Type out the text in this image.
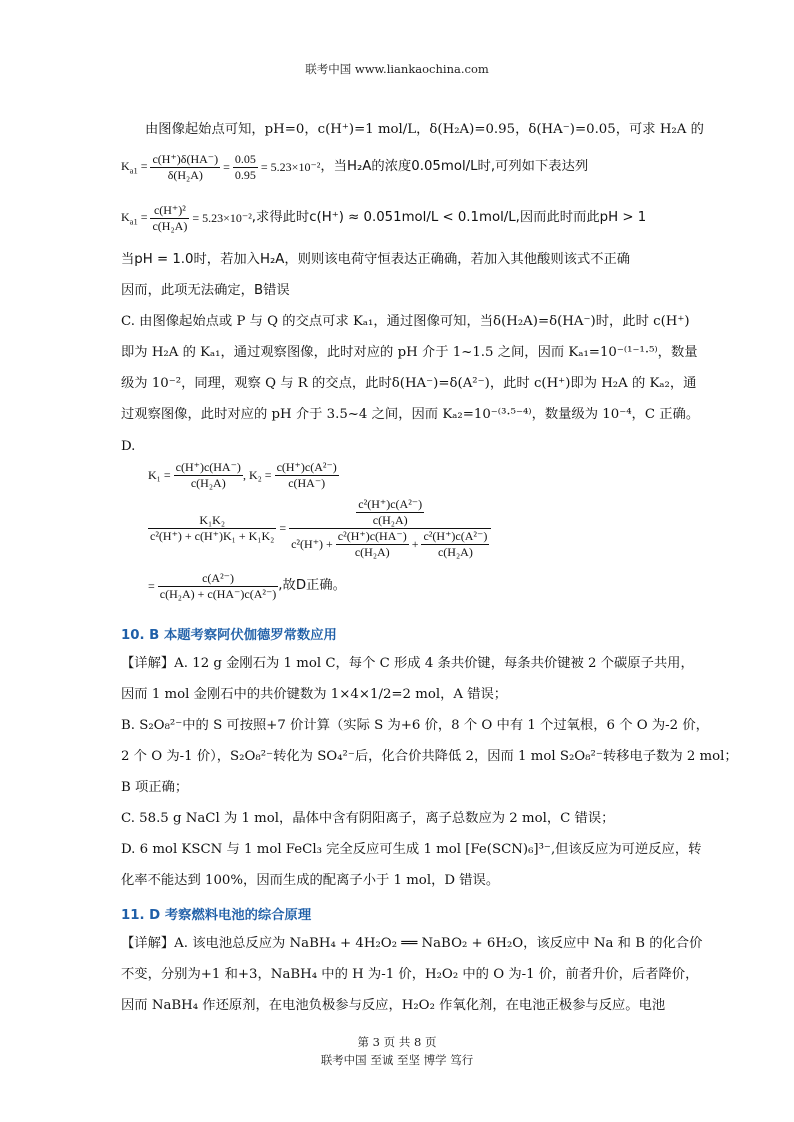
联考中国 www.liankaochina.com
由图像起始点可知，pH=0，c(H⁺)=1 mol/L，δ(H₂A)=0.95，δ(HA⁻)=0.05，可求 H₂A 的
$K_{a1} = \frac{c(H^+)\delta(HA^-)}{\text{δ(H₂A)}} = \frac{0.05}{0.95}$
= 5.23×10⁻² ，当H₂A的浓度0.05mol/L时,可列如下表达列
$K_{a1} = \frac{\text{c(H⁺)²}}{\text{c(H₂A)}}$
= 5.23×10⁻² ,求得此时c(H⁺) ≈ 0.051mol/L < 0.1mol/L,因而此时而此pH > 1
当pH = 1.0时，若加入H₂A，则则该电荷守恒表达正确确，若加入其他酸则该式不正确
因而，此项无法确定，B错误
C. 由图像起始点或 P 与 Q 的交点可求 Kₐ₁，通过图像可知，当δ(H₂A)=δ(HA⁻)时，此时 c(H⁺)
即为 H₂A 的 Kₐ₁，通过观察图像，此时对应的 pH 介于 1~1.5 之间，因而 Kₐ₁=10⁻⁽¹⁻¹·⁵⁾，数量
级为 10⁻²，同理，观察 Q 与 R 的交点，此时δ(HA⁻)=δ(A²⁻)，此时 c(H⁺)即为 H₂A 的 Kₐ₂，通
过观察图像，此时对应的 pH 介于 3.5~4 之间，因而 Kₐ₂=10⁻⁽³·⁵⁻⁴⁾，数量级为 10⁻⁴，C 正确。
D.
K₁ =
$\frac{c(H^+)c(HA^-)}{\text{c(H₂A)}}$ , K₂ =
$\frac{\text{c(H⁺)c(A²⁻)}}{c(HA^-)}$
$\frac{\text{K₁K₂}}{\text{c²(H⁺) + c(H⁺)K₁ + K₁K₂}}$
=
	$\frac{\text{c²(H⁺)c(A²⁻)}}{\text{c(H₂A)}}$
c²(H⁺) +
$\frac{\text{c²(H⁺)c(HA⁻)}}{\text{c(H₂A)}}$
+
$\frac{\text{c²(H⁺)c(A²⁻)}}{\text{c(H₂A)}}$
=
$\frac{\text{c(A²⁻)}}{\text{c(H₂A) + c(HA⁻)c(A²⁻)}}$ ,故D正确。
10. B 本题考察阿伏伽德罗常数应用
【详解】A. 12 g 金刚石为 1 mol C，每个 C 形成 4 条共价键，每条共价键被 2 个碳原子共用，
因而 1 mol 金刚石中的共价键数为 1×4×1/2=2 mol，A 错误；
B. S₂O₈²⁻中的 S 可按照+7 价计算（实际 S 为+6 价，8 个 O 中有 1 个过氧根，6 个 O 为-2 价，
2 个 O 为-1 价），S₂O₈²⁻转化为 SO₄²⁻后，化合价共降低 2，因而 1 mol S₂O₈²⁻转移电子数为 2 mol；
B 项正确；
C. 58.5 g NaCl 为 1 mol，晶体中含有阴阳离子，离子总数应为 2 mol，C 错误；
D. 6 mol KSCN 与 1 mol FeCl₃ 完全反应可生成 1 mol [Fe(SCN)₆]³⁻,但该反应为可逆反应，转
化率不能达到 100%，因而生成的配离子小于 1 mol，D 错误。
11. D 考察燃料电池的综合原理
【详解】A. 该电池总反应为 NaBH₄ + 4H₂O₂ ══ NaBO₂ + 6H₂O，该反应中 Na 和 B 的化合价
不变，分别为+1 和+3，NaBH₄ 中的 H 为-1 价，H₂O₂ 中的 O 为-1 价，前者升价，后者降价，
因而 NaBH₄ 作还原剂，在电池负极参与反应，H₂O₂ 作氧化剂，在电池正极参与反应。电池
第 3 页 共 8 页
联考中国 至诚 至坚 博学 笃行
